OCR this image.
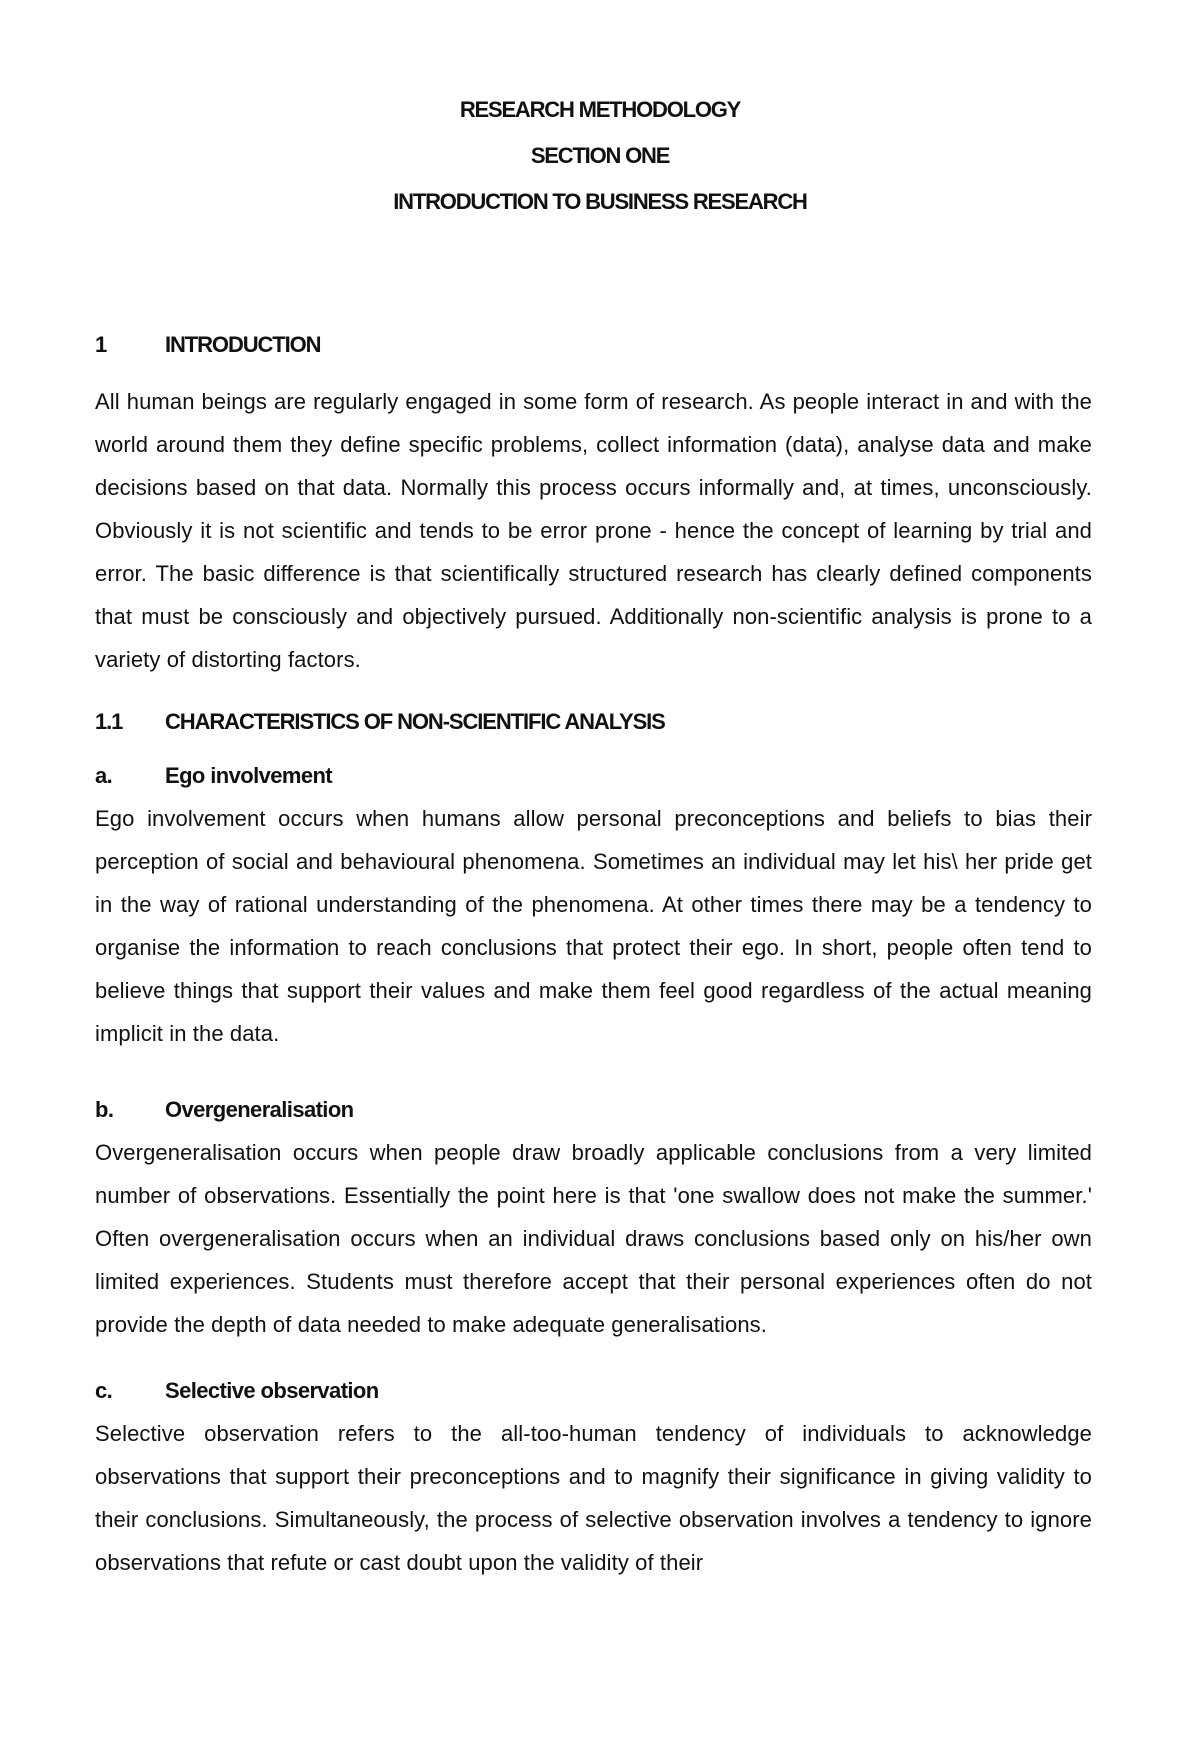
RESEARCH METHODOLOGY
SECTION ONE
INTRODUCTION TO BUSINESS RESEARCH
1	INTRODUCTION

All human beings are regularly engaged in some form of research. As people interact in and with the world around them they define specific problems, collect information (data), analyse data and make decisions based on that data. Normally this process occurs informally and, at times, unconsciously. Obviously it is not scientific and tends to be error prone - hence the concept of learning by trial and error. The basic difference is that scientifically structured research has clearly defined components that must be consciously and objectively pursued. Additionally non-scientific analysis is prone to a variety of distorting factors.

1.1	CHARACTERISTICS OF NON-SCIENTIFIC ANALYSIS
a.	Ego involvement

Ego involvement occurs when humans allow personal preconceptions and beliefs to bias their perception of social and behavioural phenomena. Sometimes an individual may let his\ her pride get in the way of rational understanding of the phenomena. At other times there may be a tendency to organise the information to reach conclusions that protect their ego. In short, people often tend to believe things that support their values and make them feel good regardless of the actual meaning implicit in the data.

b.	Overgeneralisation

Overgeneralisation occurs when people draw broadly applicable conclusions from a very limited number of observations. Essentially the point here is that 'one swallow does not make the summer.' Often overgeneralisation occurs when an individual draws conclusions based only on his/her own limited experiences. Students must therefore accept that their personal experiences often do not provide the depth of data needed to make adequate generalisations.

c.	Selective observation

Selective observation refers to the all-too-human tendency of individuals to acknowledge observations that support their preconceptions and to magnify their significance in giving validity to their conclusions. Simultaneously, the process of selective observation involves a tendency to ignore observations that refute or cast doubt upon the validity of their
